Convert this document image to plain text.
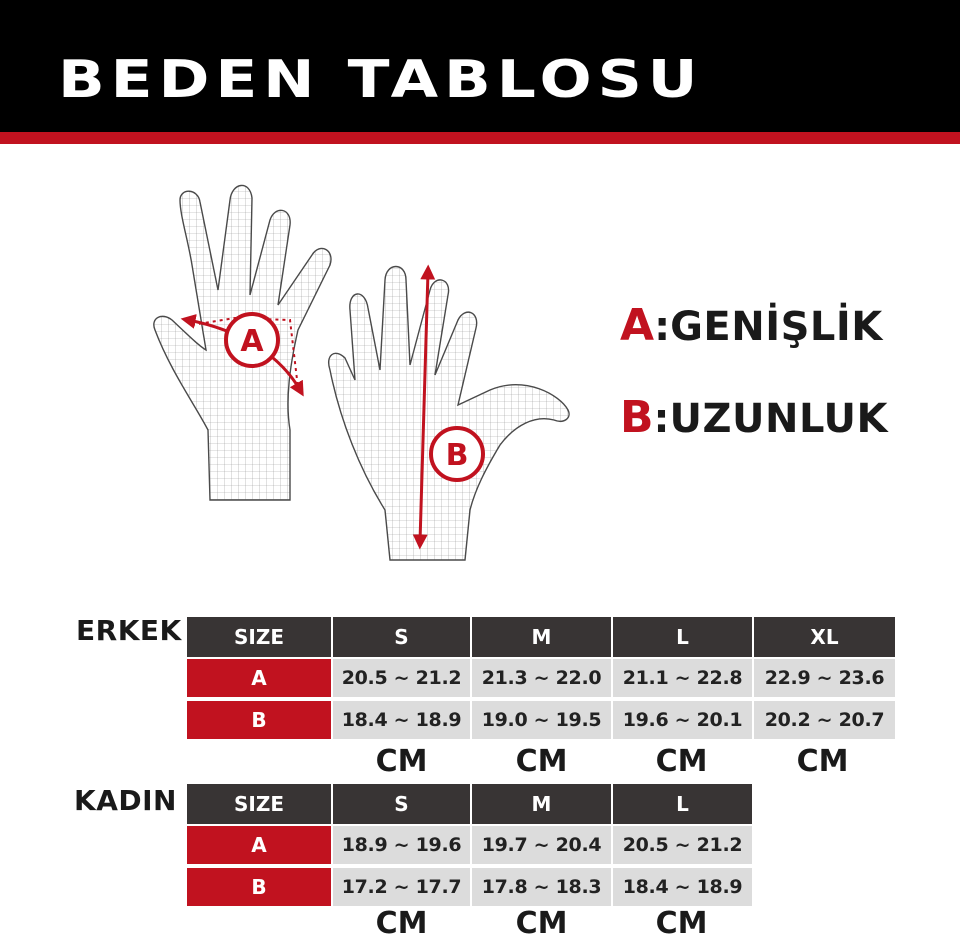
BEDEN TABLOSU
A
B
A:GENİŞLİK
B:UZUNLUK
ERKEK	SIZE	S	M	L	XL
A	20.5 ~ 21.2	21.3 ~ 22.0	21.1 ~ 22.8	22.9 ~ 23.6
B	18.4 ~ 18.9	19.0 ~ 19.5	19.6 ~ 20.1	20.2 ~ 20.7
CM	CM	CM	CM
KADIN	SIZE	S	M	L
A	18.9 ~ 19.6	19.7 ~ 20.4	20.5 ~ 21.2
B	17.2 ~ 17.7	17.8 ~ 18.3	18.4 ~ 18.9
CM	CM	CM
